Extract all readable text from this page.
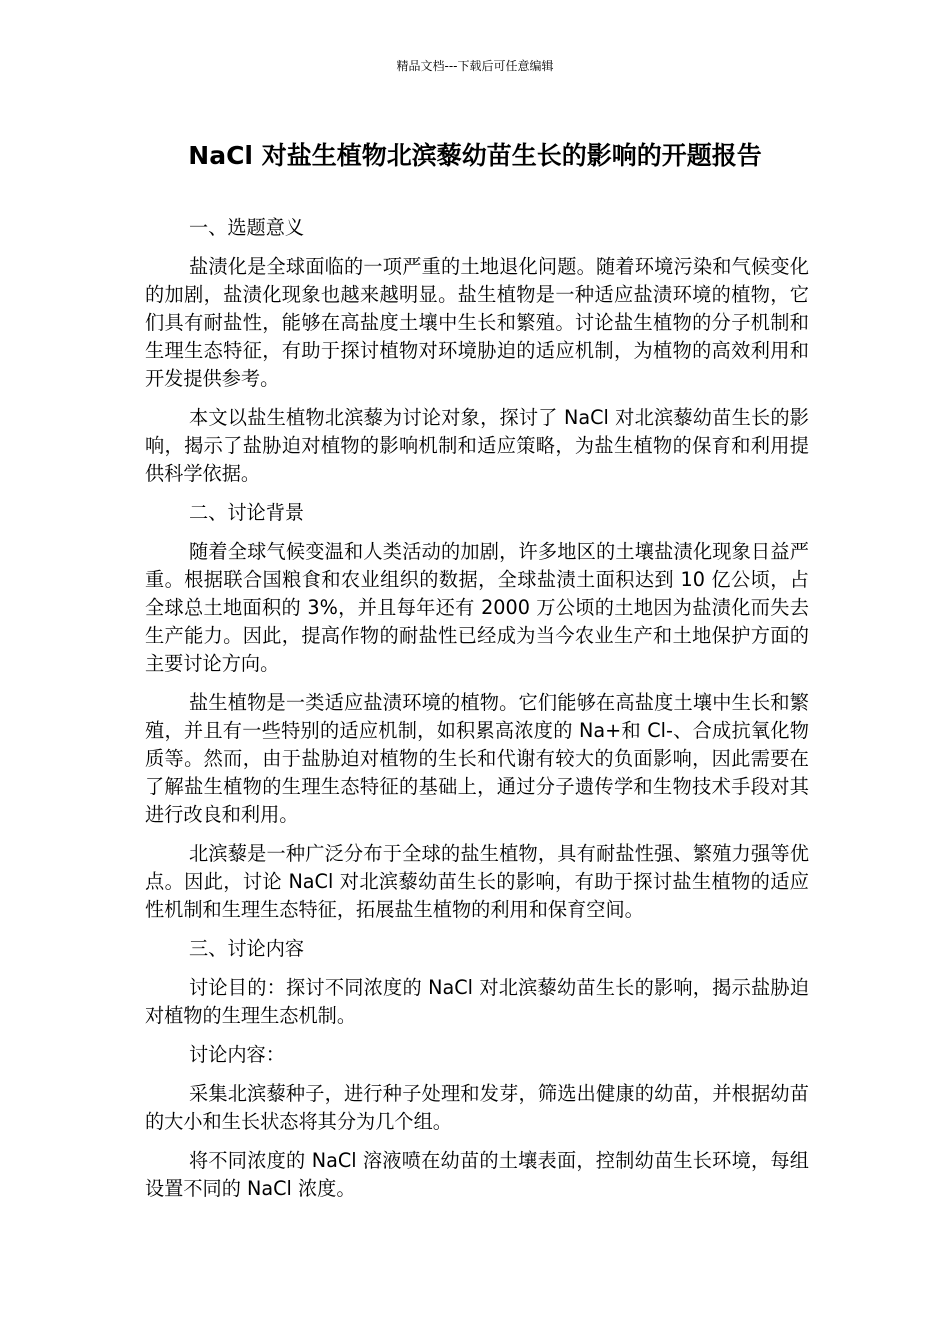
精品文档---下载后可任意编辑
NaCl 对盐生植物北滨藜幼苗生长的影响的开题报告

一、选题意义

盐渍化是全球面临的一项严重的土地退化问题。随着环境污染和气候变化的加剧，盐渍化现象也越来越明显。盐生植物是一种适应盐渍环境的植物，它们具有耐盐性，能够在高盐度土壤中生长和繁殖。讨论盐生植物的分子机制和生理生态特征，有助于探讨植物对环境胁迫的适应机制，为植物的高效利用和开发提供参考。

本文以盐生植物北滨藜为讨论对象，探讨了 NaCl 对北滨藜幼苗生长的影响，揭示了盐胁迫对植物的影响机制和适应策略，为盐生植物的保育和利用提供科学依据。

二、讨论背景

随着全球气候变温和人类活动的加剧，许多地区的土壤盐渍化现象日益严重。根据联合国粮食和农业组织的数据，全球盐渍土面积达到 10 亿公顷，占全球总土地面积的 3%，并且每年还有 2000 万公顷的土地因为盐渍化而失去生产能力。因此，提高作物的耐盐性已经成为当今农业生产和土地保护方面的主要讨论方向。

盐生植物是一类适应盐渍环境的植物。它们能够在高盐度土壤中生长和繁殖，并且有一些特别的适应机制，如积累高浓度的 Na+和 Cl-、合成抗氧化物质等。然而，由于盐胁迫对植物的生长和代谢有较大的负面影响，因此需要在了解盐生植物的生理生态特征的基础上，通过分子遗传学和生物技术手段对其进行改良和利用。

北滨藜是一种广泛分布于全球的盐生植物，具有耐盐性强、繁殖力强等优点。因此，讨论 NaCl 对北滨藜幼苗生长的影响，有助于探讨盐生植物的适应性机制和生理生态特征，拓展盐生植物的利用和保育空间。

三、讨论内容

讨论目的：探讨不同浓度的 NaCl 对北滨藜幼苗生长的影响，揭示盐胁迫对植物的生理生态机制。

讨论内容：

采集北滨藜种子，进行种子处理和发芽，筛选出健康的幼苗，并根据幼苗的大小和生长状态将其分为几个组。

将不同浓度的 NaCl 溶液喷在幼苗的土壤表面，控制幼苗生长环境，每组设置不同的 NaCl 浓度。
